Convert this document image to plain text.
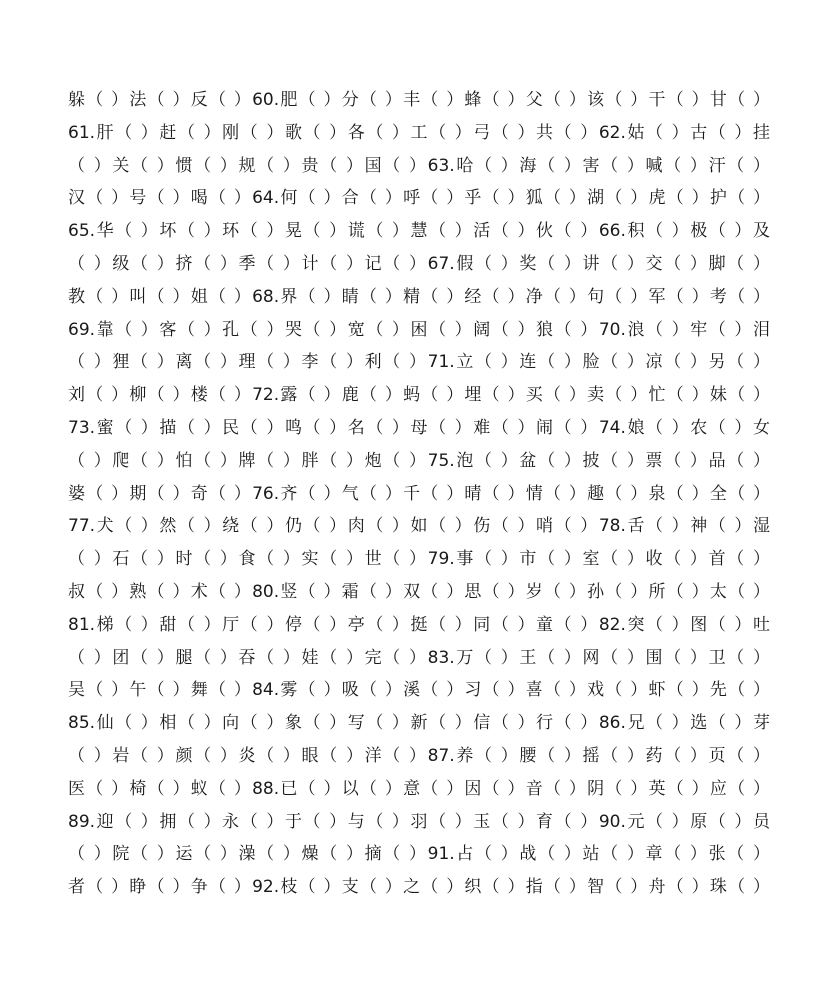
躲（ ）法（ ）反（ ）60.肥（ ）分（ ）丰（ ）蜂（ ）父（ ）该（ ）干（ ）甘（ ）
61.肝（ ）赶（ ）刚（ ）歌（ ）各（ ）工（ ）弓（ ）共（ ）62.姑（ ）古（ ）挂
（ ）关（ ）惯（ ）规（ ）贵（ ）国（ ）63.哈（ ）海（ ）害（ ）喊（ ）汗（ ）
汉（ ）号（ ）喝（ ）64.何（ ）合（ ）呼（ ）乎（ ）狐（ ）湖（ ）虎（ ）护（ ）
65.华（ ）坏（ ）环（ ）晃（ ）谎（ ）慧（ ）活（ ）伙（ ）66.积（ ）极（ ）及
（ ）级（ ）挤（ ）季（ ）计（ ）记（ ）67.假（ ）奖（ ）讲（ ）交（ ）脚（ ）
教（ ）叫（ ）姐（ ）68.界（ ）睛（ ）精（ ）经（ ）净（ ）句（ ）军（ ）考（ ）
69.靠（ ）客（ ）孔（ ）哭（ ）宽（ ）困（ ）阔（ ）狼（ ）70.浪（ ）牢（ ）泪
（ ）狸（ ）离（ ）理（ ）李（ ）利（ ）71.立（ ）连（ ）脸（ ）凉（ ）另（ ）
刘（ ）柳（ ）楼（ ）72.露（ ）鹿（ ）蚂（ ）埋（ ）买（ ）卖（ ）忙（ ）妹（ ）
73.蜜（ ）描（ ）民（ ）鸣（ ）名（ ）母（ ）难（ ）闹（ ）74.娘（ ）农（ ）女
（ ）爬（ ）怕（ ）牌（ ）胖（ ）炮（ ）75.泡（ ）盆（ ）披（ ）票（ ）品（ ）
婆（ ）期（ ）奇（ ）76.齐（ ）气（ ）千（ ）晴（ ）情（ ）趣（ ）泉（ ）全（ ）
77.犬（ ）然（ ）绕（ ）仍（ ）肉（ ）如（ ）伤（ ）哨（ ）78.舌（ ）神（ ）湿
（ ）石（ ）时（ ）食（ ）实（ ）世（ ）79.事（ ）市（ ）室（ ）收（ ）首（ ）
叔（ ）熟（ ）术（ ）80.竖（ ）霜（ ）双（ ）思（ ）岁（ ）孙（ ）所（ ）太（ ）
81.梯（ ）甜（ ）厅（ ）停（ ）亭（ ）挺（ ）同（ ）童（ ）82.突（ ）图（ ）吐
（ ）团（ ）腿（ ）吞（ ）娃（ ）完（ ）83.万（ ）王（ ）网（ ）围（ ）卫（ ）
吴（ ）午（ ）舞（ ）84.雾（ ）吸（ ）溪（ ）习（ ）喜（ ）戏（ ）虾（ ）先（ ）
85.仙（ ）相（ ）向（ ）象（ ）写（ ）新（ ）信（ ）行（ ）86.兄（ ）选（ ）芽
（ ）岩（ ）颜（ ）炎（ ）眼（ ）洋（ ）87.养（ ）腰（ ）摇（ ）药（ ）页（ ）
医（ ）椅（ ）蚁（ ）88.已（ ）以（ ）意（ ）因（ ）音（ ）阴（ ）英（ ）应（ ）
89.迎（ ）拥（ ）永（ ）于（ ）与（ ）羽（ ）玉（ ）育（ ）90.元（ ）原（ ）员
（ ）院（ ）运（ ）澡（ ）燥（ ）摘（ ）91.占（ ）战（ ）站（ ）章（ ）张（ ）
者（ ）睁（ ）争（ ）92.枝（ ）支（ ）之（ ）织（ ）指（ ）智（ ）舟（ ）珠（ ）
